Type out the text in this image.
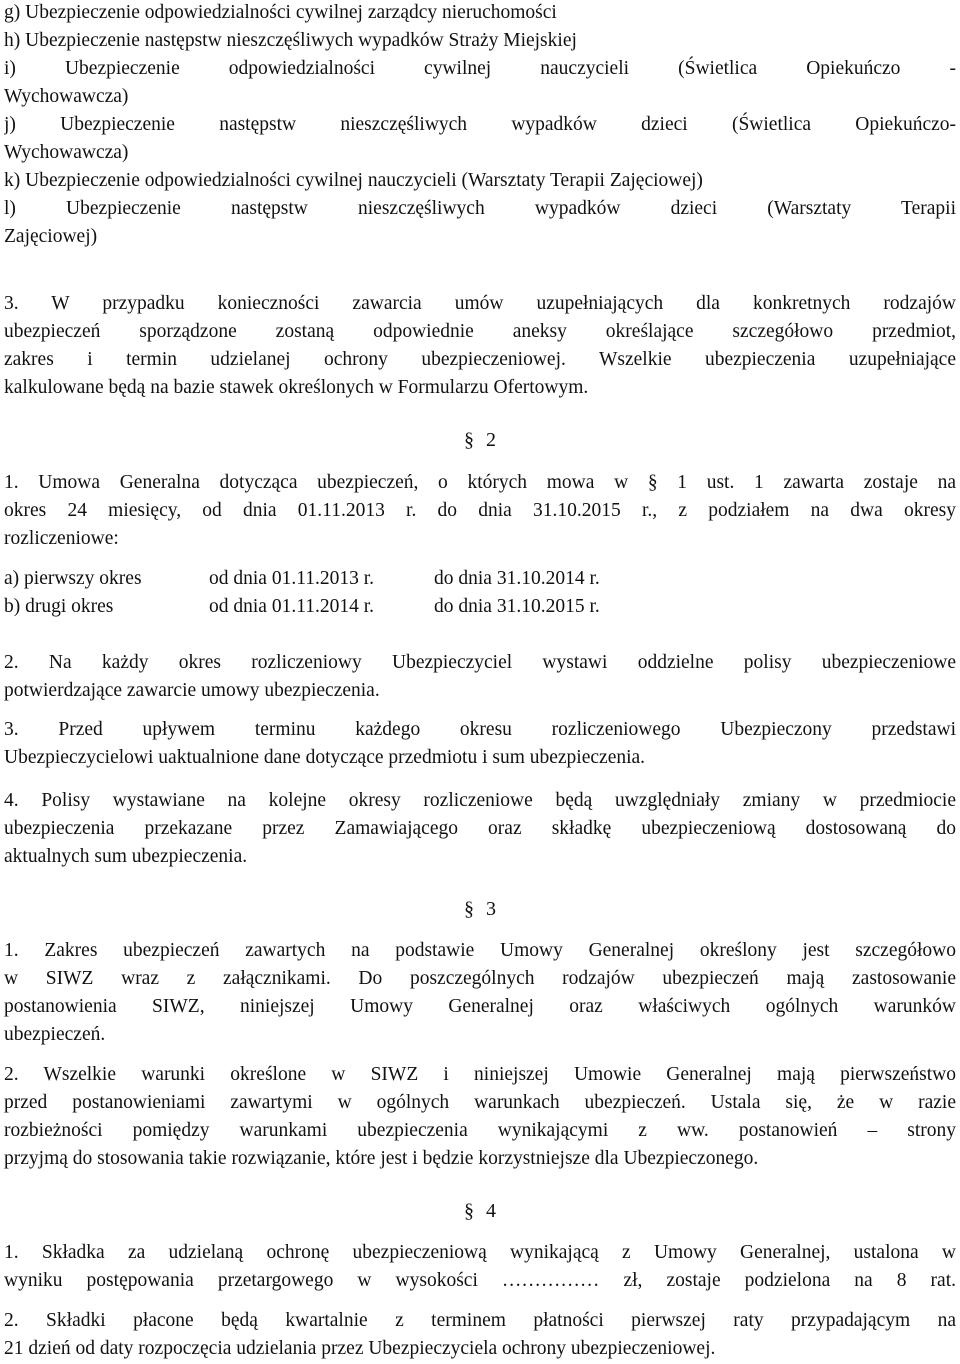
g) Ubezpieczenie odpowiedzialności cywilnej zarządcy nieruchomości
h) Ubezpieczenie następstw nieszczęśliwych wypadków Straży Miejskiej
i) Ubezpieczenie odpowiedzialności cywilnej nauczycieli (Świetlica Opiekuńczo -
Wychowawcza)
j) Ubezpieczenie następstw nieszczęśliwych wypadków dzieci (Świetlica Opiekuńczo-
Wychowawcza)
k) Ubezpieczenie odpowiedzialności cywilnej nauczycieli (Warsztaty Terapii Zajęciowej)
l) Ubezpieczenie następstw nieszczęśliwych wypadków dzieci (Warsztaty Terapii
Zajęciowej)
3. W przypadku konieczności zawarcia umów uzupełniających dla konkretnych rodzajów
ubezpieczeń sporządzone zostaną odpowiednie aneksy określające szczegółowo przedmiot,
zakres i termin udzielanej ochrony ubezpieczeniowej. Wszelkie ubezpieczenia uzupełniające
kalkulowane będą na bazie stawek określonych w Formularzu Ofertowym.
§ 2
1. Umowa Generalna dotycząca ubezpieczeń, o których mowa w § 1 ust. 1 zawarta zostaje na
okres 24 miesięcy, od dnia 01.11.2013 r. do dnia 31.10.2015 r., z podziałem na dwa okresy
rozliczeniowe:
a) pierwszy okres	od dnia 01.11.2013 r.	do dnia 31.10.2014 r.
b) drugi okres	od dnia 01.11.2014 r.	do dnia 31.10.2015 r.
2. Na każdy okres rozliczeniowy Ubezpieczyciel wystawi oddzielne polisy ubezpieczeniowe
potwierdzające zawarcie umowy ubezpieczenia.
3. Przed upływem terminu każdego okresu rozliczeniowego Ubezpieczony przedstawi
Ubezpieczycielowi uaktualnione dane dotyczące przedmiotu i sum ubezpieczenia.
4. Polisy wystawiane na kolejne okresy rozliczeniowe będą uwzględniały zmiany w przedmiocie
ubezpieczenia przekazane przez Zamawiającego oraz składkę ubezpieczeniową dostosowaną do
aktualnych sum ubezpieczenia.
§ 3
1. Zakres ubezpieczeń zawartych na podstawie Umowy Generalnej określony jest szczegółowo
w SIWZ wraz z załącznikami. Do poszczególnych rodzajów ubezpieczeń mają zastosowanie
postanowienia SIWZ, niniejszej Umowy Generalnej oraz właściwych ogólnych warunków
ubezpieczeń.
2. Wszelkie warunki określone w SIWZ i niniejszej Umowie Generalnej mają pierwszeństwo
przed postanowieniami zawartymi w ogólnych warunkach ubezpieczeń. Ustala się, że w razie
rozbieżności pomiędzy warunkami ubezpieczenia wynikającymi z ww. postanowień – strony
przyjmą do stosowania takie rozwiązanie, które jest i będzie korzystniejsze dla Ubezpieczonego.
§ 4
1. Składka za udzielaną ochronę ubezpieczeniową wynikającą z Umowy Generalnej, ustalona w
wyniku postępowania przetargowego w wysokości …………… zł, zostaje podzielona na 8 rat.
2. Składki płacone będą kwartalnie z terminem płatności pierwszej raty przypadającym na
21 dzień od daty rozpoczęcia udzielania przez Ubezpieczyciela ochrony ubezpieczeniowej.
